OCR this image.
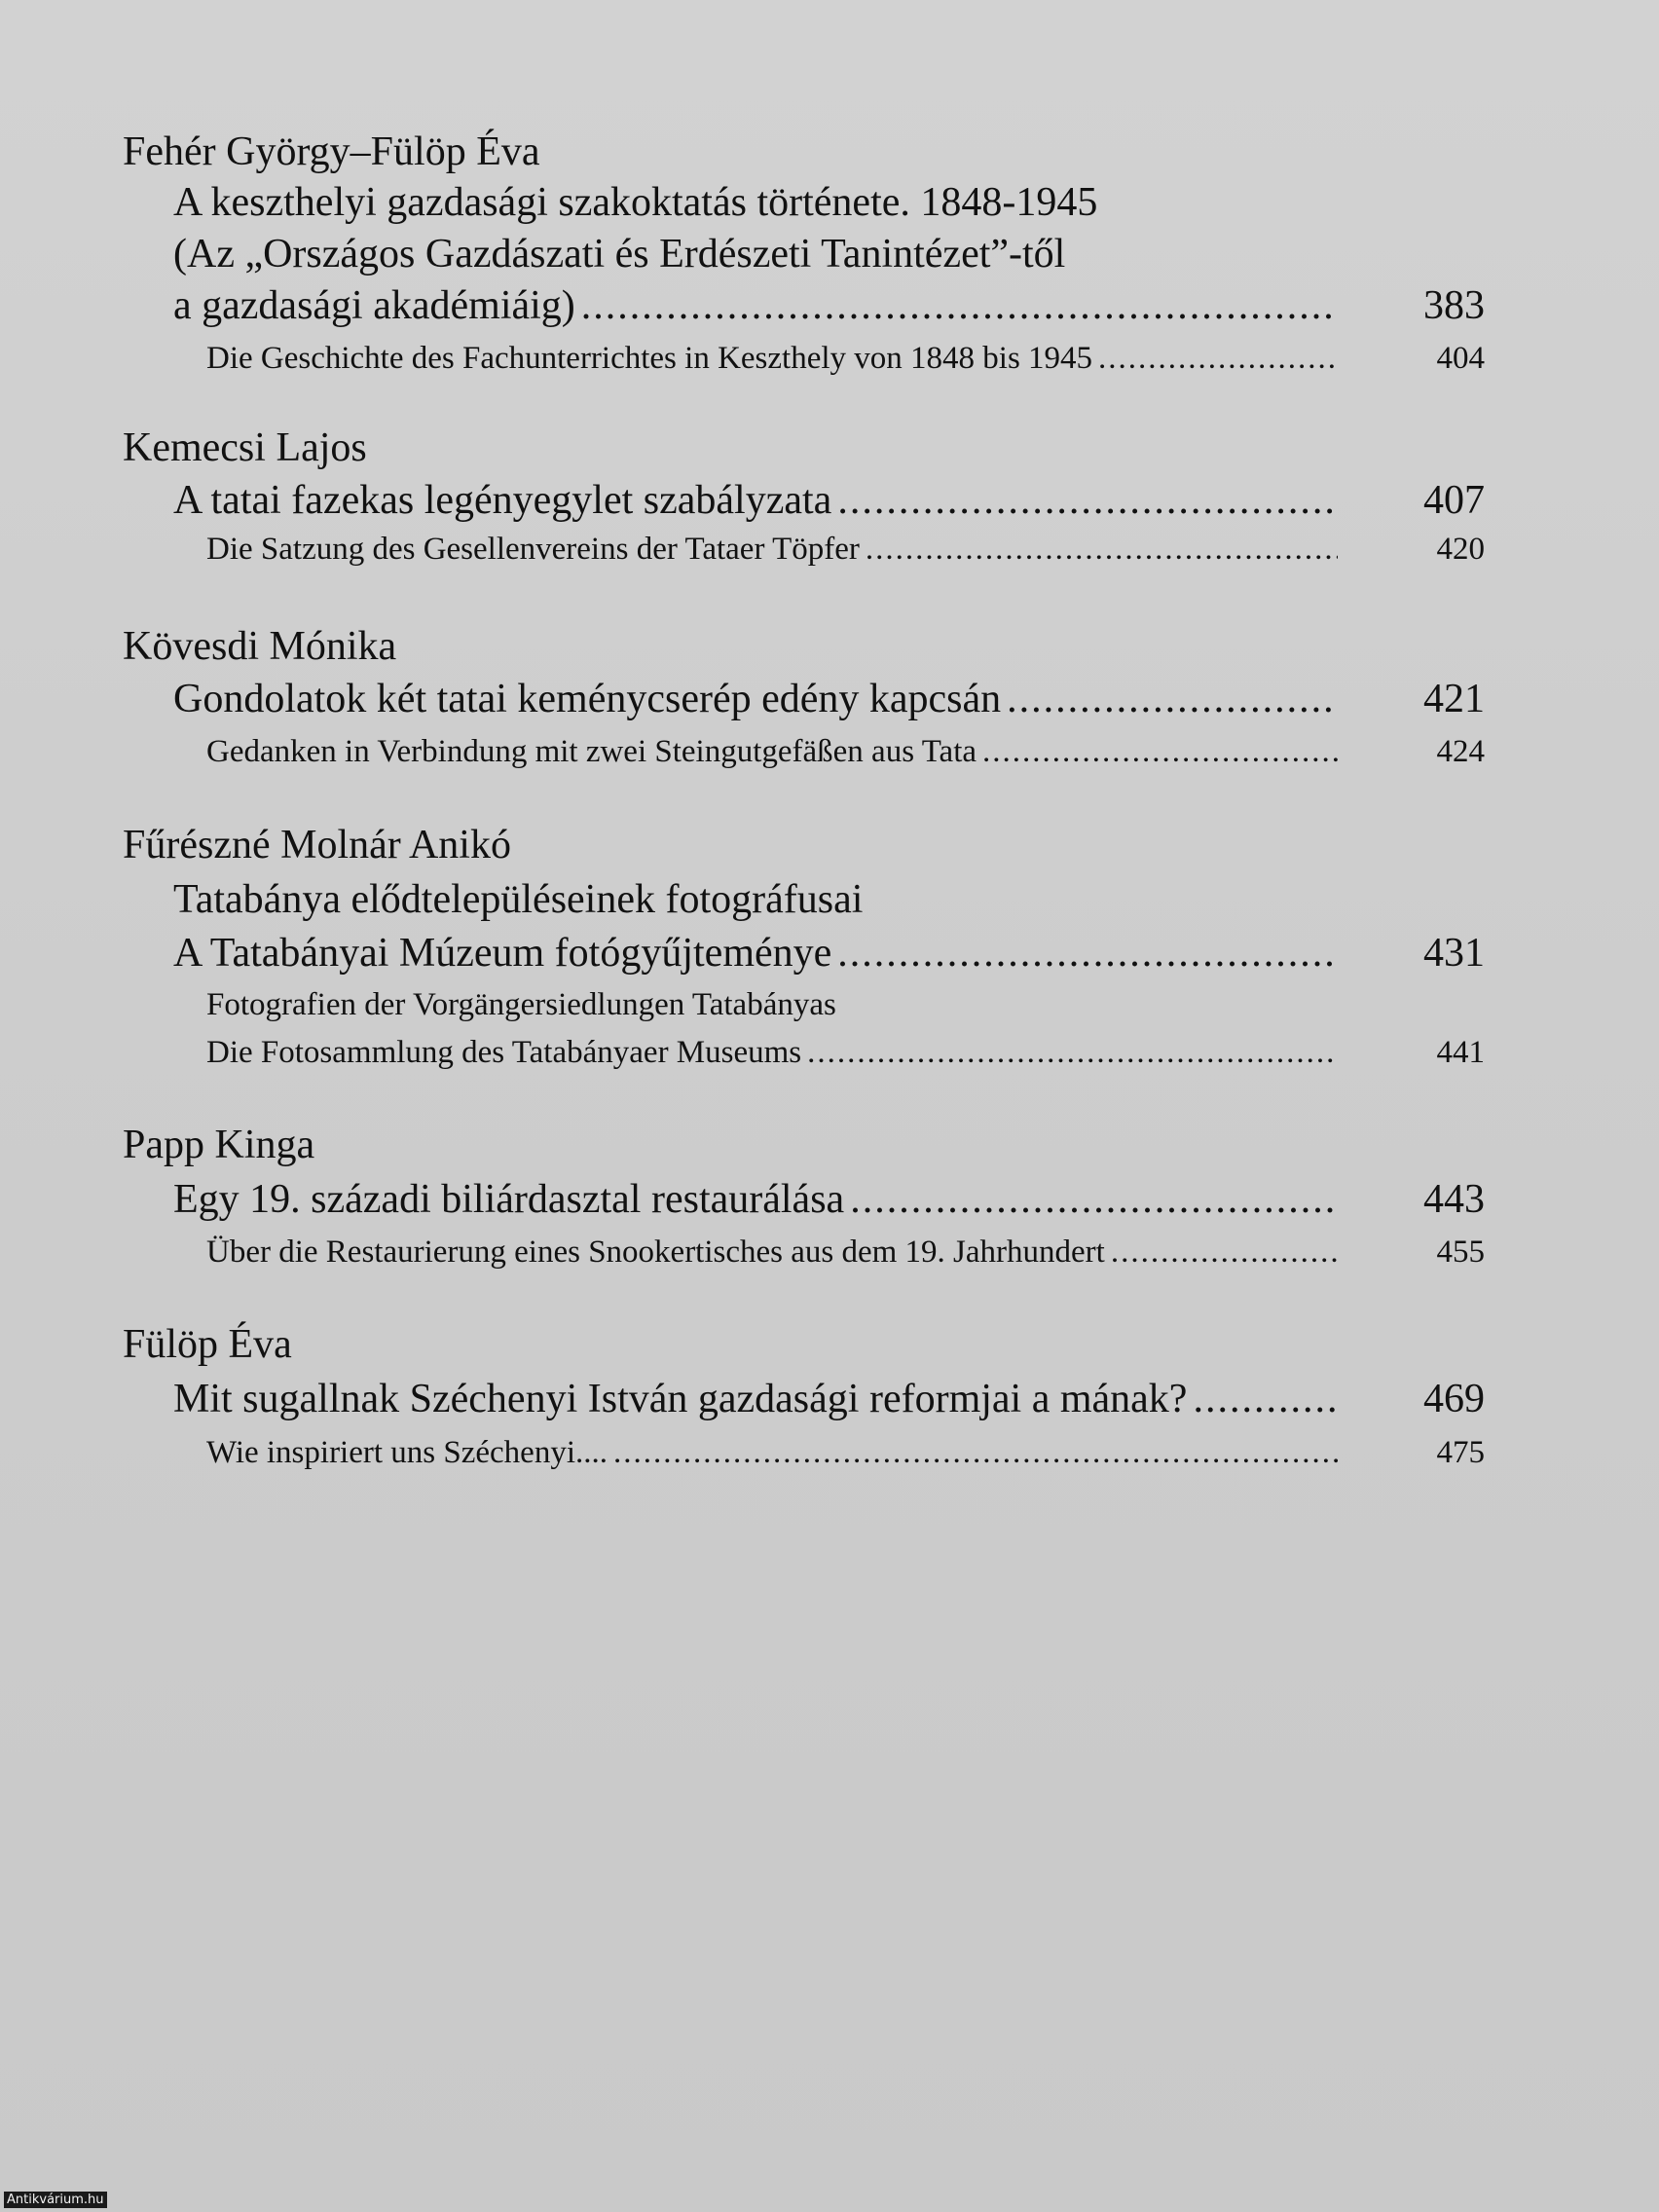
Fehér György–Fülöp Éva
A keszthelyi gazdasági szakoktatás története. 1848-1945
(Az „Országos Gazdászati és Erdészeti Tanintézet”-től
a gazdasági akadémiáig) .....	383
Die Geschichte des Fachunterrichtes in Keszthely von 1848 bis 1945 .....	404
Kemecsi Lajos
A tatai fazekas legényegylet szabályzata .....	407
Die Satzung des Gesellenvereins der Tataer Töpfer .....	420
Kövesdi Mónika
Gondolatok két tatai keménycserép edény kapcsán .....	421
Gedanken in Verbindung mit zwei Steingutgefäßen aus Tata .....	424
Fűrészné Molnár Anikó
Tatabánya elődtelepüléseinek fotográfusai
A Tatabányai Múzeum fotógyűjteménye .....	431
Fotografien der Vorgängersiedlungen Tatabányas
Die Fotosammlung des Tatabányaer Museums .....	441
Papp Kinga
Egy 19. századi biliárdasztal restaurálása .....	443
Über die Restaurierung eines Snookertisches aus dem 19. Jahrhundert .....	455
Fülöp Éva
Mit sugallnak Széchenyi István gazdasági reformjai a mának? .....	469
Wie inspiriert uns Széchenyi.... .....	475
Antikvárium.hu
